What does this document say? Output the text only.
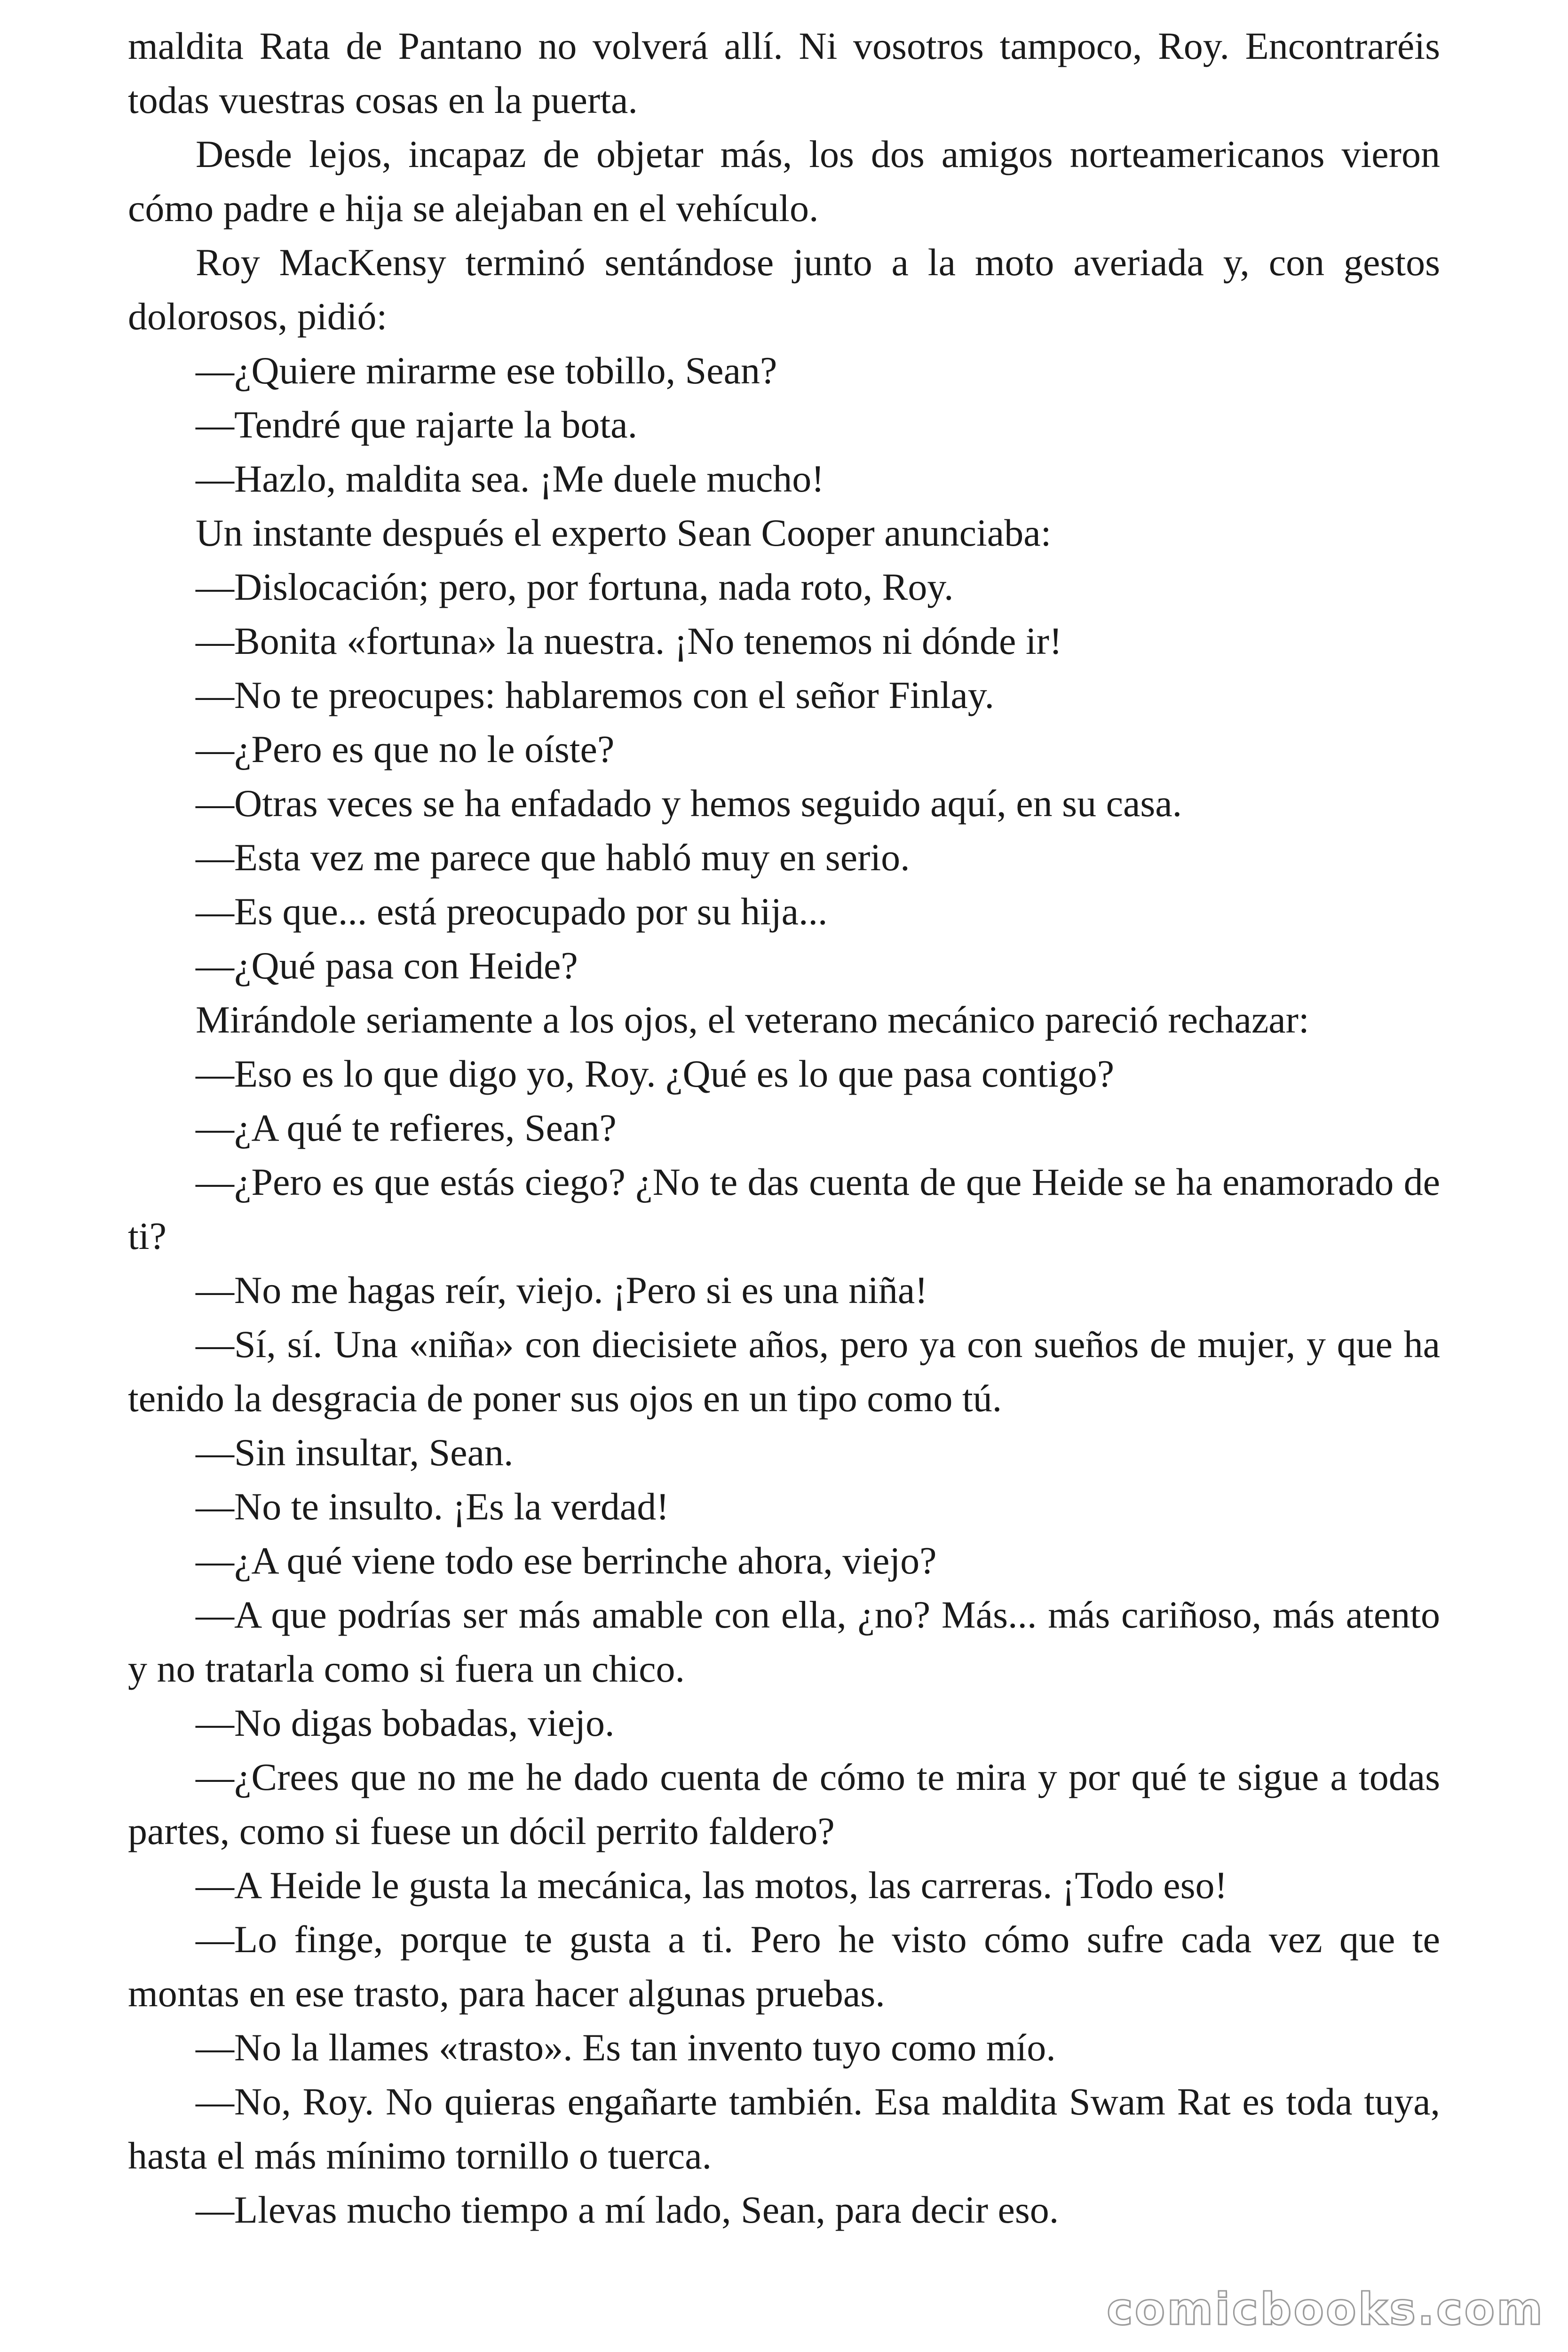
maldita Rata de Pantano no volverá allí. Ni vosotros tampoco, Roy. Encontraréis todas vuestras cosas en la puerta.

Desde lejos, incapaz de objetar más, los dos amigos norteamericanos vieron cómo padre e hija se alejaban en el vehículo.

Roy MacKensy terminó sentándose junto a la moto averiada y, con gestos dolorosos, pidió:

—¿Quiere mirarme ese tobillo, Sean?

—Tendré que rajarte la bota.

—Hazlo, maldita sea. ¡Me duele mucho!

Un instante después el experto Sean Cooper anunciaba:

—Dislocación; pero, por fortuna, nada roto, Roy.

—Bonita «fortuna» la nuestra. ¡No tenemos ni dónde ir!

—No te preocupes: hablaremos con el señor Finlay.

—¿Pero es que no le oíste?

—Otras veces se ha enfadado y hemos seguido aquí, en su casa.

—Esta vez me parece que habló muy en serio.

—Es que... está preocupado por su hija...

—¿Qué pasa con Heide?

Mirándole seriamente a los ojos, el veterano mecánico pareció rechazar:

—Eso es lo que digo yo, Roy. ¿Qué es lo que pasa contigo?

—¿A qué te refieres, Sean?

—¿Pero es que estás ciego? ¿No te das cuenta de que Heide se ha enamorado de ti?

—No me hagas reír, viejo. ¡Pero si es una niña!

—Sí, sí. Una «niña» con diecisiete años, pero ya con sueños de mujer, y que ha tenido la desgracia de poner sus ojos en un tipo como tú.

—Sin insultar, Sean.

—No te insulto. ¡Es la verdad!

—¿A qué viene todo ese berrinche ahora, viejo?

—A que podrías ser más amable con ella, ¿no? Más... más cariñoso, más atento y no tratarla como si fuera un chico.

—No digas bobadas, viejo.

—¿Crees que no me he dado cuenta de cómo te mira y por qué te sigue a todas partes, como si fuese un dócil perrito faldero?

—A Heide le gusta la mecánica, las motos, las carreras. ¡Todo eso!

—Lo finge, porque te gusta a ti. Pero he visto cómo sufre cada vez que te montas en ese trasto, para hacer algunas pruebas.

—No la llames «trasto». Es tan invento tuyo como mío.

—No, Roy. No quieras engañarte también. Esa maldita Swam Rat es toda tuya, hasta el más mínimo tornillo o tuerca.

—Llevas mucho tiempo a mí lado, Sean, para decir eso.

comicbooks.com
